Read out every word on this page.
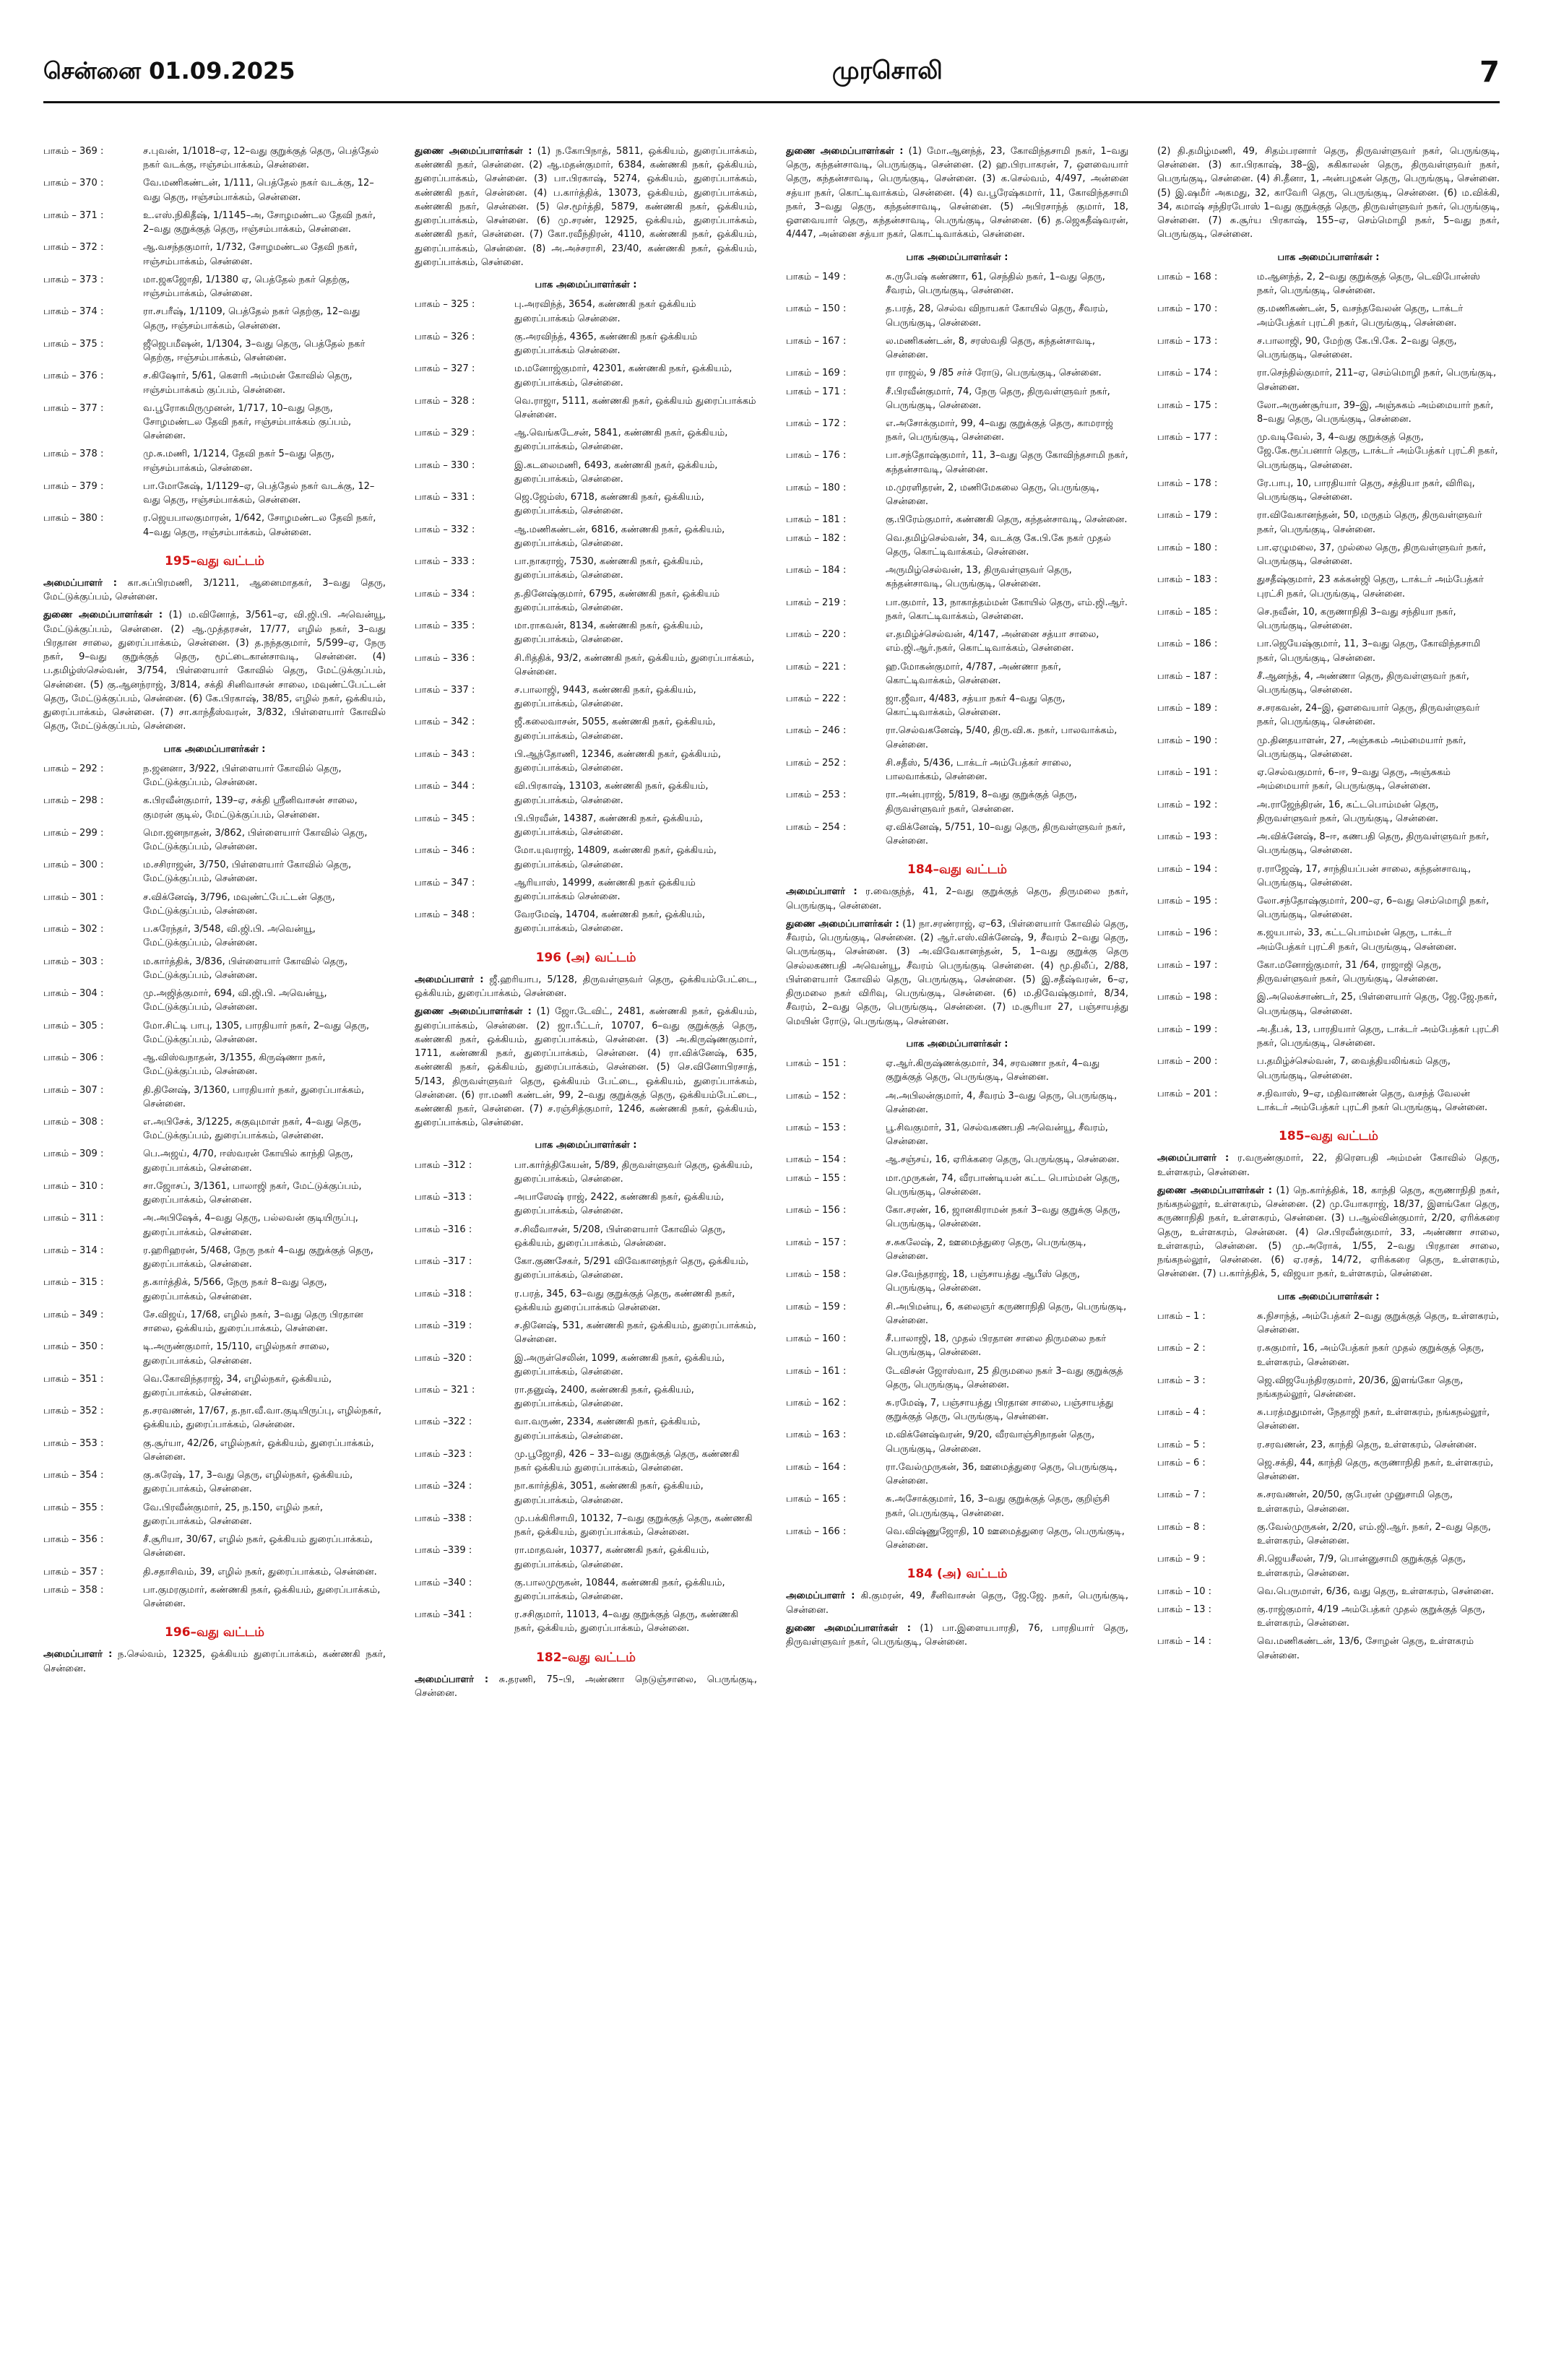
சென்னை 01.09.2025	முரசொலி	7
பாகம் – 369 :	ச.புவன், 1/1018–ஏ, 12–வது குறுக்குத் தெரு, பெத்தேல் நகர் வடக்கு, ஈஞ்சம்பாக்கம், சென்னை.
பாகம் – 370 :	வே.மணிகண்டன், 1/111, பெத்தேல் நகர் வடக்கு, 12– வது தெரு, ஈஞ்சம்பாக்கம், சென்னை.
பாகம் – 371 :	உ.எஸ்.நிகிதீஷ், 1/1145–அ, சோழமண்டல தேவி நகர், 2–வது குறுக்குத் தெரு, ஈஞ்சம்பாக்கம், சென்னை.
பாகம் – 372 :	ஆ.வசந்தகுமார், 1/732, சோழமண்டல தேவி நகர், ஈஞ்சம்பாக்கம், சென்னை.
பாகம் – 373 :	மா.ஜகஜோதி, 1/1380 ஏ, பெத்தேல் நகர் தெற்கு, ஈஞ்சம்பாக்கம், சென்னை.
பாகம் – 374 :	ரா.சபரீஷ், 1/1109, பெத்தேல் நகர் தெற்கு, 12–வது தெரு, ஈஞ்சம்பாக்கம், சென்னை.
பாகம் – 375 :	ஜீஜெபமீஷன், 1/1304, 3–வது தெரு, பெத்தேல் நகர் தெற்கு, ஈஞ்சம்பாக்கம், சென்னை.
பாகம் – 376 :	ச.கிஷோர், 5/61, கௌரி அம்மன் கோவில் தெரு, ஈஞ்சம்பாக்கம் குப்பம், சென்னை.
பாகம் – 377 :	வ.பூரோகமிருமுனன், 1/717, 10–வது தெரு, சோழமண்டல தேவி நகர், ஈஞ்சம்பாக்கம் குப்பம், சென்னை.
பாகம் – 378 :	மு.சு.மணி, 1/1214, தேவி நகர் 5–வது தெரு, ஈஞ்சம்பாக்கம், சென்னை.
பாகம் – 379 :	பா.மோகேஷ், 1/1129–ஏ, பெத்தேல் நகர் வடக்கு, 12–வது தெரு, ஈஞ்சம்பாக்கம், சென்னை.
பாகம் – 380 :	ர.ஜெயபாலகுமாரன், 1/642, சோழமண்டல தேவி நகர், 4–வது தெரு, ஈஞ்சம்பாக்கம், சென்னை.
195–வது வட்டம்
அமைப்பாளர் : கா.சுப்பிரமணி, 3/1211, ஆனைமாதகர், 3–வது தெரு, மேட்டுக்குப்பம், சென்னை.
துணை அமைப்பாளர்கள் : (1) ம.வினோத், 3/561–ஏ, வி.ஜி.பி. அவென்யூ, மேட்டுக்குப்பம், சென்னை. (2) ஆ.முத்தரசன், 17/77, எழில் நகர், 3–வது பிரதான சாலை, துரைப்பாக்கம், சென்னை. (3) த.நந்தகுமார், 5/599–ஏ, நேரு நகர், 9–வது குறுக்குத் தெரு, மூட்டைகான்சாவடி, சென்னை. (4) ப.தமிழ்ஸ்செல்வன், 3/754, பிள்ளையார் கோவில் தெரு, மேட்டுக்குப்பம், சென்னை. (5) கு.ஆனந்ராஜ், 3/814, சக்தி சினிவாசன் சாலை, மவுண்ட்பேட்டன் தெரு, மேட்டுக்குப்பம், சென்னை. (6) கே.பிரகாஷ், 38/85, எழில் நகர், ஒக்கியம், துரைப்பாக்கம், சென்னை. (7) சா.காந்தீஸ்வரன், 3/832, பிள்ளையார் கோவில் தெரு, மேட்டுக்குப்பம், சென்னை.
பாக அமைப்பாளர்கள் :
பாகம் – 292 :	ந.ஜனனா, 3/922, பிள்ளையார் கோவில் தெரு, மேட்டுக்குப்பம், சென்னை.
பாகம் – 298 :	க.பிரவீன்குமார், 139–ஏ, சக்தி ஸ்ரீனிவாசன் சாலை, குமரன் குடில், மேட்டுக்குப்பம், சென்னை.
பாகம் – 299 :	மொ.ஜனநாதன், 3/862, பிள்ளையார் கோவில் தெரு, மேட்டுக்குப்பம், சென்னை.
பாகம் – 300 :	ம.சசிராஜன், 3/750, பிள்ளையார் கோவில் தெரு, மேட்டுக்குப்பம், சென்னை.
பாகம் – 301 :	ச.விக்னேஷ், 3/796, மவுண்ட்பேட்டன் தெரு, மேட்டுக்குப்பம், சென்னை.
பாகம் – 302 :	ப.சுரேந்தர், 3/548, வி.ஜி.பி. அவென்யூ, மேட்டுக்குப்பம், சென்னை.
பாகம் – 303 :	ம.கார்த்திக், 3/836, பிள்ளையார் கோவில் தெரு, மேட்டுக்குப்பம், சென்னை.
பாகம் – 304 :	மு.அஜித்குமார், 694, வி.ஜி.பி. அவென்யூ, மேட்டுக்குப்பம், சென்னை.
பாகம் – 305 :	மோ.சிட்டி பாபு, 1305, பாரதியார் நகர், 2–வது தெரு, மேட்டுக்குப்பம், சென்னை.
பாகம் – 306 :	ஆ.விஸ்வநாதன், 3/1355, கிருஷ்ணா நகர், மேட்டுக்குப்பம், சென்னை.
பாகம் – 307 :	தி.தினேஷ், 3/1360, பாரதியார் நகர், துரைப்பாக்கம், சென்னை.
பாகம் – 308 :	எ.அபிசேக், 3/1225, சுகுவுமாள் நகர், 4–வது தெரு, மேட்டுக்குப்பம், துரைப்பாக்கம், சென்னை.
பாகம் – 309 :	பெ.அஜய், 4/70, ஈஸ்வரன் கோயில் காந்தி தெரு, துரைப்பாக்கம், சென்னை.
பாகம் – 310 :	சா.ஜோசப், 3/1361, பாலாஜி நகர், மேட்டுக்குப்பம், துரைப்பாக்கம், சென்னை.
பாகம் – 311 :	அ.அபிஷேக், 4–வது தெரு, பல்லவன் குடியிருப்பு, துரைப்பாக்கம், சென்னை.
பாகம் – 314 :	ர.ஹரிஹரன், 5/468, நேரு நகர் 4–வது குறுக்குத் தெரு, துரைப்பாக்கம், சென்னை.
பாகம் – 315 :	த.கார்த்திக், 5/566, நேரு நகர் 8–வது தெரு, துரைப்பாக்கம், சென்னை.
பாகம் – 349 :	சே.விஜய், 17/68, எழில் நகர், 3–வது தெரு பிரதான சாலை, ஒக்கியம், துரைப்பாக்கம், சென்னை.
பாகம் – 350 :	டி.அருண்குமார், 15/110, எழில்நகர் சாலை, துரைப்பாக்கம், சென்னை.
பாகம் – 351 :	வெ.கோவிந்தராஜ், 34, எழில்நகர், ஒக்கியம், துரைப்பாக்கம், சென்னை.
பாகம் – 352 :	த.சரவணன், 17/67, த.நா.வீ.வா.குடியிருப்பு, எழில்நகர், ஒக்கியம், துரைப்பாக்கம், சென்னை.
பாகம் – 353 :	கு.சூர்யா, 42/26, எழில்நகர், ஒக்கியம், துரைப்பாக்கம், சென்னை.
பாகம் – 354 :	கு.சுரேஷ், 17, 3–வது தெரு, எழில்நகர், ஒக்கியம், துரைப்பாக்கம், சென்னை.
பாகம் – 355 :	வே.பிரவீன்குமார், 25, ந.150, எழில் நகர், துரைப்பாக்கம், சென்னை.
பாகம் – 356 :	சீ.சூரியா, 30/67, எழில் நகர், ஒக்கியம் துரைப்பாக்கம், சென்னை.
பாகம் – 357 :	தி.சதாசிவம், 39, எழில் நகர், துரைப்பாக்கம், சென்னை.
பாகம் – 358 :	பா.குமரகுமார், கண்ணகி நகர், ஒக்கியம், துரைப்பாக்கம், சென்னை.
196–வது வட்டம்
அமைப்பாளர் : ந.செல்வம், 12325, ஒக்கியம் துரைப்பாக்கம், கண்ணகி நகர், சென்னை.
துணை அமைப்பாளர்கள் : (1) ந.கோபிநாத், 5811, ஒக்கியம், துரைப்பாக்கம், கண்ணகி நகர், சென்னை. (2) ஆ.மதன்குமார், 6384, கண்ணகி நகர், ஒக்கியம், துரைப்பாக்கம், சென்னை. (3) பா.பிரகாஷ், 5274, ஒக்கியம், துரைப்பாக்கம், கண்ணகி நகர், சென்னை. (4) ப.கார்த்திக், 13073, ஒக்கியம், துரைப்பாக்கம், கண்ணகி நகர், சென்னை. (5) செ.மூர்த்தி, 5879, கண்ணகி நகர், ஒக்கியம், துரைப்பாக்கம், சென்னை. (6) மு.சரண், 12925, ஒக்கியம், துரைப்பாக்கம், கண்ணகி நகர், சென்னை. (7) கோ.ரவீந்திரன், 4110, கண்ணகி நகர், ஒக்கியம், துரைப்பாக்கம், சென்னை. (8) அ.அச்சராசி, 23/40, கண்ணகி நகர், ஒக்கியம், துரைப்பாக்கம், சென்னை.
பாக அமைப்பாளர்கள் :
பாகம் – 325 :	பு.அரவிந்த், 3654, கண்ணகி நகர் ஒக்கியம் துரைப்பாக்கம் சென்னை.
பாகம் – 326 :	கு.அரவிந்த், 4365, கண்ணகி நகர் ஒக்கியம் துரைப்பாக்கம் சென்னை.
பாகம் – 327 :	ம.மனோஜ்குமார், 42301, கண்ணகி நகர், ஒக்கியம், துரைப்பாக்கம், சென்னை.
பாகம் – 328 :	வெ.ராஜா, 5111, கண்ணகி நகர், ஒக்கியம் துரைப்பாக்கம் சென்னை.
பாகம் – 329 :	ஆ.வெங்கடேசன், 5841, கண்ணகி நகர், ஒக்கியம், துரைப்பாக்கம், சென்னை.
பாகம் – 330 :	இ.கடலைமணி, 6493, கண்ணகி நகர், ஒக்கியம், துரைப்பாக்கம், சென்னை.
பாகம் – 331 :	ஜெ.ஜேம்ஸ், 6718, கண்ணகி நகர், ஒக்கியம், துரைப்பாக்கம், சென்னை.
பாகம் – 332 :	ஆ.மணிகண்டன், 6816, கண்ணகி நகர், ஒக்கியம், துரைப்பாக்கம், சென்னை.
பாகம் – 333 :	பா.நாகராஜ், 7530, கண்ணகி நகர், ஒக்கியம், துரைப்பாக்கம், சென்னை.
பாகம் – 334 :	த.தினேஷ்குமார், 6795, கண்ணகி நகர், ஒக்கியம் துரைப்பாக்கம், சென்னை.
பாகம் – 335 :	மா.ராகவன், 8134, கண்ணகி நகர், ஒக்கியம், துரைப்பாக்கம், சென்னை.
பாகம் – 336 :	சி.ரித்திக், 93/2, கண்ணகி நகர், ஒக்கியம், துரைப்பாக்கம், சென்னை.
பாகம் – 337 :	ச.பாலாஜி, 9443, கண்ணகி நகர், ஒக்கியம், துரைப்பாக்கம், சென்னை.
பாகம் – 342 :	ஜீ.கலைவாசன், 5055, கண்ணகி நகர், ஒக்கியம், துரைப்பாக்கம், சென்னை.
பாகம் – 343 :	பி.ஆந்தோணி, 12346, கண்ணகி நகர், ஒக்கியம், துரைப்பாக்கம், சென்னை.
பாகம் – 344 :	வி.பிரகாஷ், 13103, கண்ணகி நகர், ஒக்கியம், துரைப்பாக்கம், சென்னை.
பாகம் – 345 :	பி.பிரவீன், 14387, கண்ணகி நகர், ஒக்கியம், துரைப்பாக்கம், சென்னை.
பாகம் – 346 :	மோ.யுவராஜ், 14809, கண்ணகி நகர், ஒக்கியம், துரைப்பாக்கம், சென்னை.
பாகம் – 347 :	ஆரியாஸ், 14999, கண்ணகி நகர் ஒக்கியம் துரைப்பாக்கம் சென்னை.
பாகம் – 348 :	வேரமேஷ், 14704, கண்ணகி நகர், ஒக்கியம், துரைப்பாக்கம், சென்னை.
196 (அ) வட்டம்
அமைப்பாளர் : ஜீ.ஹரியாப, 5/128, திருவள்ளுவர் தெரு, ஒக்கியம்பேட்டை, ஒக்கியம், துரைப்பாக்கம், சென்னை.
துணை அமைப்பாளர்கள் : (1) ஜோ.டேவிட், 2481, கண்ணகி நகர், ஒக்கியம், துரைப்பாக்கம், சென்னை. (2) ஜா.பீட்டர், 10707, 6–வது குறுக்குத் தெரு, கண்ணகி நகர், ஒக்கியம், துரைப்பாக்கம், சென்னை. (3) அ.கிருஷ்ணகுமார், 1711, கண்ணகி நகர், துரைப்பாக்கம், சென்னை. (4) ரா.விக்னேஷ், 635, கண்ணகி நகர், ஒக்கியம், துரைப்பாக்கம், சென்னை. (5) செ.வினோபிரசாத், 5/143, திருவள்ளுவர் தெரு, ஒக்கியம் பேட்டை, ஒக்கியம், துரைப்பாக்கம், சென்னை. (6) ரா.மணி கண்டன், 99, 2–வது குறுக்குத் தெரு, ஒக்கியம்பேட்டை, கண்ணகி நகர், சென்னை. (7) ச.ரஞ்சித்குமார், 1246, கண்ணகி நகர், ஒக்கியம், துரைப்பாக்கம், சென்னை.
பாக அமைப்பாளர்கள் :
பாகம் –312 :	பா.கார்த்திகேயன், 5/89, திருவள்ளுவர் தெரு, ஒக்கியம், துரைப்பாக்கம், சென்னை.
பாகம் –313 :	அபாஸேஷ் ராஜ், 2422, கண்ணகி நகர், ஒக்கியம், துரைப்பாக்கம், சென்னை.
பாகம் –316 :	ச.சிவீவாசன், 5/208, பிள்ளையார் கோவில் தெரு, ஒக்கியம், துரைப்பாக்கம், சென்னை.
பாகம் –317 :	கோ.குணசேகர், 5/291 விவேகானந்தர் தெரு, ஒக்கியம், துரைப்பாக்கம், சென்னை.
பாகம் –318 :	ர.பரத், 345, 63–வது குறுக்குத் தெரு, கண்ணகி நகர், ஒக்கியம் துரைப்பாக்கம் சென்னை.
பாகம் –319 :	ச.தினேஷ், 531, கண்ணகி நகர், ஒக்கியம், துரைப்பாக்கம், சென்னை.
பாகம் –320 :	இ.அருள்செலின், 1099, கண்ணகி நகர், ஒக்கியம், துரைப்பாக்கம், சென்னை.
பாகம் – 321 :	ரா.தனுஷ், 2400, கண்ணகி நகர், ஒக்கியம், துரைப்பாக்கம், சென்னை.
பாகம் –322 :	வா.வருண், 2334, கண்ணகி நகர், ஒக்கியம், துரைப்பாக்கம், சென்னை.
பாகம் –323 :	மு.பூஜோதி, 426 – 33–வது குறுக்குத் தெரு, கண்ணகி நகர் ஒக்கியம் துரைப்பாக்கம், சென்னை.
பாகம் –324 :	நா.கார்த்திக், 3051, கண்ணகி நகர், ஒக்கியம், துரைப்பாக்கம், சென்னை.
பாகம் –338 :	மு.பக்கிரிசாமி, 10132, 7–வது குறுக்குத் தெரு, கண்ணகி நகர், ஒக்கியம், துரைப்பாக்கம், சென்னை.
பாகம் –339 :	ரா.மாதவன், 10377, கண்ணகி நகர், ஒக்கியம், துரைப்பாக்கம், சென்னை.
பாகம் –340 :	கு.பாலமுருகன், 10844, கண்ணகி நகர், ஒக்கியம், துரைப்பாக்கம், சென்னை.
பாகம் –341 :	ர.சசிகுமார், 11013, 4–வது குறுக்குத் தெரு, கண்ணகி நகர், ஒக்கியம், துரைப்பாக்கம், சென்னை.
182–வது வட்டம்
அமைப்பாளர் : சு.தரணி, 75–பி, அண்ணா நெடுஞ்சாலை, பெருங்குடி, சென்னை.
துணை அமைப்பாளர்கள் : (1) மோ.ஆனந்த், 23, கோவிந்தசாமி நகர், 1–வது தெரு, கந்தன்சாவடி, பெருங்குடி, சென்னை. (2) ஹ.பிரபாகரன், 7, ஔவையார் தெரு, கந்தன்சாவடி, பெருங்குடி, சென்னை. (3) க.செல்வம், 4/497, அன்னை சத்யா நகர், கொட்டிவாக்கம், சென்னை. (4) வ.பூரேஷ்கமார், 11, கோவிந்தசாமி நகர், 3–வது தெரு, கந்தன்சாவடி, சென்னை. (5) அபிரசாந்த் குமார், 18, ஔவையார் தெரு, கந்தன்சாவடி, பெருங்குடி, சென்னை. (6) த.ஜெகதீஷ்வரன், 4/447, அன்னை சத்யா நகர், கொட்டிவாக்கம், சென்னை.
பாக அமைப்பாளர்கள் :
பாகம் – 149 :	சு.ருபேஷ் கண்ணா, 61, செந்தில் நகர், 1–வது தெரு, சீவரம், பெருங்குடி, சென்னை.
பாகம் – 150 :	த.பரத், 28, செல்வ விநாயகர் கோயில் தெரு, சீவரம், பெருங்குடி, சென்னை.
பாகம் – 167 :	ல.மணிகண்டன், 8, சரஸ்வதி தெரு, கந்தன்சாவடி, சென்னை.
பாகம் – 169 :	ரா ராஜல், 9 /85 சர்ச் ரோடு, பெருங்குடி, சென்னை.
பாகம் – 171 :	சீ.பிரவீன்குமார், 74, நேரு தெரு, திருவள்ளுவர் நகர், பெருங்குடி, சென்னை.
பாகம் – 172 :	எ.அசோக்குமார், 99, 4–வது குறுக்குத் தெரு, காமராஜ் நகர், பெருங்குடி, சென்னை.
பாகம் – 176 :	பா.சந்தோஷ்குமார், 11, 3–வது தெரு கோவிந்தசாமி நகர், கந்தன்சாவடி, சென்னை.
பாகம் – 180 :	ம.முரளிதரன், 2, மணிமேகலை தெரு, பெருங்குடி, சென்னை.
பாகம் – 181 :	கு.பிரேம்குமார், கண்ணகி தெரு, கந்தன்சாவடி, சென்னை.
பாகம் – 182 :	வெ.தமிழ்செல்வன், 34, வடக்கு கே.பி.கே நகர் முதல் தெரு, கொட்டிவாக்கம், சென்னை.
பாகம் – 184 :	அருமிழ்செல்வன், 13, திருவள்ளுவர் தெரு, கந்தன்சாவடி, பெருங்குடி, சென்னை.
பாகம் – 219 :	பா.குமார், 13, நாகாத்தம்மன் கோயில் தெரு, எம்.ஜி.ஆர். நகர், கொட்டிவாக்கம், சென்னை.
பாகம் – 220 :	எ.தமிழ்ச்செல்வன், 4/147, அன்னை சத்யா சாலை, எம்.ஜி.ஆர்.நகர், கொட்டிவாக்கம், சென்னை.
பாகம் – 221 :	ஹ.மோகன்குமார், 4/787, அண்ணா நகர், கொட்டிவாக்கம், சென்னை.
பாகம் – 222 :	ஜா.ஜீவா, 4/483, சத்யா நகர் 4–வது தெரு, கொட்டிவாக்கம், சென்னை.
பாகம் – 246 :	ரா.செல்வகனேஷ், 5/40, திரு.வி.க. நகர், பாலவாக்கம், சென்னை.
பாகம் – 252 :	சி.சதீஸ், 5/436, டாக்டர் அம்பேத்கர் சாலை, பாலவாக்கம், சென்னை.
பாகம் – 253 :	ரா.அன்புராஜ், 5/819, 8–வது குறுக்குத் தெரு, திருவள்ளுவர் நகர், சென்னை.
பாகம் – 254 :	ஏ.விக்னேஷ், 5/751, 10–வது தெரு, திருவள்ளுவர் நகர், சென்னை.
184–வது வட்டம்
அமைப்பாளர் : ர.வைகுந்த், 41, 2–வது குறுக்குத் தெரு, திருமலை நகர், பெருங்குடி, சென்னை.
துணை அமைப்பாளர்கள் : (1) நா.சரண்ராஜ், ஏ–63, பிள்ளையார் கோவில் தெரு, சீவரம், பெருங்குடி, சென்னை. (2) ஆர்.எஸ்.விக்னேஷ், 9, சீவரம் 2–வது தெரு, பெருங்குடி, சென்னை. (3) அ.விவேகானந்தன், 5, 1–வது குறுக்கு தெரு செல்லகணபதி அவென்யூ, சீவரம் பெருங்குடி சென்னை. (4) மூ.திலீப், 2/88, பிள்ளையார் கோவில் தெரு, பெருங்குடி, சென்னை. (5) இ.சதீஷ்வரன், 6–ஏ, திருமலை நகர் விரிவு, பெருங்குடி, சென்னை. (6) ம.திவேஷ்குமார், 8/34, சீவரம், 2–வது தெரு, பெருங்குடி, சென்னை. (7) ம.சூரியா 27, பஞ்சாயத்து மெயின் ரோடு, பெருங்குடி, சென்னை.
பாக அமைப்பாளர்கள் :
பாகம் – 151 :	ஏ.ஆர்.கிருஷ்ணக்குமார், 34, சரவணா நகர், 4–வது குறுக்குத் தெரு, பெருங்குடி, சென்னை.
பாகம் – 152 :	அ.அபிலன்குமார், 4, சீவரம் 3–வது தெரு, பெருங்குடி, சென்னை.
பாகம் – 153 :	பூ.சிவகுமார், 31, செல்வகணபதி அவென்யூ, சீவரம், சென்னை.
பாகம் – 154 :	ஆ.சஞ்சய், 16, ஏரிக்கரை தெரு, பெருங்குடி, சென்னை.
பாகம் – 155 :	மா.முருகன், 74, வீரபாண்டியன் கட்ட பொம்மன் தெரு, பெருங்குடி, சென்னை.
பாகம் – 156 :	கோ.சரண், 16, ஜானகிராமன் நகர் 3–வது குறுக்கு தெரு, பெருங்குடி, சென்னை.
பாகம் – 157 :	ச.சுகலேஷ், 2, ஊமைத்துரை தெரு, பெருங்குடி, சென்னை.
பாகம் – 158 :	செ.வேந்தராஜ், 18, பஞ்சாயத்து ஆபீஸ் தெரு, பெருங்குடி, சென்னை.
பாகம் – 159 :	சி.அபிமன்யு, 6, கலைஞர் கருணாநிதி தெரு, பெருங்குடி, சென்னை.
பாகம் – 160 :	சீ.பாலாஜி, 18, முதல் பிரதான சாலை திருமலை நகர் பெருங்குடி, சென்னை.
பாகம் – 161 :	டேவிசன் ஜோஸ்வா, 25 திருமலை நகர் 3–வது குறுக்குத் தெரு, பெருங்குடி, சென்னை.
பாகம் – 162 :	சு.ரமேஷ், 7, பஞ்சாயத்து பிரதான சாலை, பஞ்சாயத்து குறுக்குத் தெரு, பெருங்குடி, சென்னை.
பாகம் – 163 :	ம.விக்னேஷ்வரன், 9/20, வீரவாஞ்சிநாதன் தெரு, பெருங்குடி, சென்னை.
பாகம் – 164 :	ரா.வேல்முருகன், 36, ஊமைத்துரை தெரு, பெருங்குடி, சென்னை.
பாகம் – 165 :	சு.அசோக்குமார், 16, 3–வது குறுக்குத் தெரு, குறிஞ்சி நகர், பெருங்குடி, சென்னை.
பாகம் – 166 :	வெ.விஷ்ணுஜோதி, 10 ஊமைத்துரை தெரு, பெருங்குடி, சென்னை.
184 (அ) வட்டம்
அமைப்பாளர் : கி.குமரன், 49, சீனிவாசன் தெரு, ஜே.ஜே. நகர், பெருங்குடி, சென்னை.
துணை அமைப்பாளர்கள் : (1) பா.இளையபாரதி, 76, பாரதியார் தெரு, திருவள்ளுவர் நகர், பெருங்குடி, சென்னை.
(2) தி.தமிழ்மணி, 49, சிதம்பரனார் தெரு, திருவள்ளுவர் நகர், பெருங்குடி, சென்னை. (3) கா.பிரகாஷ், 38–இ, சுகிகாலன் தெரு, திருவள்ளுவர் நகர், பெருங்குடி, சென்னை. (4) சி.தீனா, 1, அன்பழகன் தெரு, பெருங்குடி, சென்னை. (5) இ.ஷமீர் அகமது, 32, காவேரி தெரு, பெருங்குடி, சென்னை. (6) ம.விக்கி, 34, கமாஷ் சந்திரபோஸ் 1–வது குறுக்குத் தெரு, திருவள்ளுவர் நகர், பெருங்குடி, சென்னை. (7) சு.சூர்ய பிரகாஷ், 155–ஏ, செம்மொழி நகர், 5–வது நகர், பெருங்குடி, சென்னை.
பாக அமைப்பாளர்கள் :
பாகம் – 168 :	ம.ஆனந்த், 2, 2–வது குறுக்குத் தெரு, டெவிபோன்ஸ் நகர், பெருங்குடி, சென்னை.
பாகம் – 170 :	கு.மணிகண்டன், 5, வசந்தவேலன் தெரு, டாக்டர் அம்பேத்கர் புரட்சி நகர், பெருங்குடி, சென்னை.
பாகம் – 173 :	ச.பாலாஜி, 90, மேற்கு கே.பி.கே. 2–வது தெரு, பெருங்குடி, சென்னை.
பாகம் – 174 :	ரா.செந்தில்குமார், 211–ஏ, செம்மொழி நகர், பெருங்குடி, சென்னை.
பாகம் – 175 :	லோ.அருண்சூர்யா, 39–இ, அஞ்சுகம் அம்மையார் நகர், 8–வது தெரு, பெருங்குடி, சென்னை.
பாகம் – 177 :	மு.வடிவேல், 3, 4–வது குறுக்குத் தெரு, ஜே.கே.ரூப்பனார் தெரு, டாக்டர் அம்பேத்கர் புரட்சி நகர், பெருங்குடி, சென்னை.
பாகம் – 178 :	ரே.பாபு, 10, பாரதியார் தெரு, சத்தியா நகர், விரிவு, பெருங்குடி, சென்னை.
பாகம் – 179 :	ரா.விவேகானந்தன், 50, மருதம் தெரு, திருவள்ளுவர் நகர், பெருங்குடி, சென்னை.
பாகம் – 180 :	பா.ஏழுமலை, 37, முல்லை தெரு, திருவள்ளுவர் நகர், பெருங்குடி, சென்னை.
பாகம் – 183 :	துசதீஷ்குமார், 23 கக்கன்ஜி தெரு, டாக்டர் அம்பேத்கர் புரட்சி நகர், பெருங்குடி, சென்னை.
பாகம் – 185 :	செ.நவீன், 10, கருணாநிதி 3–வது சந்தியா நகர், பெருங்குடி, சென்னை.
பாகம் – 186 :	பா.ஜெயேஷ்குமார், 11, 3–வது தெரு, கோவிந்தசாமி நகர், பெருங்குடி, சென்னை.
பாகம் – 187 :	சீ.ஆனந்த், 4, அண்ணா தெரு, திருவள்ளுவர் நகர், பெருங்குடி, சென்னை.
பாகம் – 189 :	ச.சரகவன், 24–இ, ஔவையார் தெரு, திருவள்ளுவர் நகர், பெருங்குடி, சென்னை.
பாகம் – 190 :	மு.தினதயாளன், 27, அஞ்சுகம் அம்மையார் நகர், பெருங்குடி, சென்னை.
பாகம் – 191 :	ஏ.செல்வகுமார், 6–ஈ, 9–வது தெரு, அஞ்சுகம் அம்மையார் நகர், பெருங்குடி, சென்னை.
பாகம் – 192 :	அ.ராஜேந்திரன், 16, கட்டபொம்மன் தெரு, திருவள்ளுவர் நகர், பெருங்குடி, சென்னை.
பாகம் – 193 :	அ.விக்னேஷ், 8–ஈ, கணபதி தெரு, திருவள்ளுவர் நகர், பெருங்குடி, சென்னை.
பாகம் – 194 :	ர.ராஜேஷ், 17, சாந்தியப்பன் சாலை, கந்தன்சாவடி, பெருங்குடி, சென்னை.
பாகம் – 195 :	லோ.சந்தோஷ்குமார், 200–ஏ, 6–வது செம்மொழி நகர், பெருங்குடி, சென்னை.
பாகம் – 196 :	க.ஜயபால், 33, கட்டபொம்மன் தெரு, டாக்டர் அம்பேத்கர் புரட்சி நகர், பெருங்குடி, சென்னை.
பாகம் – 197 :	கோ.மனோஜ்குமார், 31 /64, ராஜாஜி தெரு, திருவள்ளுவர் நகர், பெருங்குடி, சென்னை.
பாகம் – 198 :	இ.அலெக்சாண்டர், 25, பிள்ளையார் தெரு, ஜே.ஜே.நகர், பெருங்குடி, சென்னை.
பாகம் – 199 :	அ.தீபக், 13, பாரதியார் தெரு, டாக்டர் அம்பேத்கர் புரட்சி நகர், பெருங்குடி, சென்னை.
பாகம் – 200 :	ப.தமிழ்ச்செல்வன், 7, வைத்தியலிங்கம் தெரு, பெருங்குடி, சென்னை.
பாகம் – 201 :	ச.நிவாஸ், 9–ஏ, மதிவாணன் தெரு, வசந்த் வேலன் டாக்டர் அம்பேத்கர் புரட்சி நகர் பெருங்குடி, சென்னை.
185–வது வட்டம்
அமைப்பாளர் : ர.வருண்குமார், 22, திரௌபதி அம்மன் கோவில் தெரு, உள்ளகரம், சென்னை.
துணை அமைப்பாளர்கள் : (1) நெ.கார்த்திக், 18, காந்தி தெரு, கருணாநிதி நகர், நங்கநல்லூர், உள்ளகரம், சென்னை. (2) மு.யோகராஜ், 18/37, இளங்கோ தெரு, கருணாநிதி நகர், உள்ளகரம், சென்னை. (3) ப.ஆல்வின்குமார், 2/20, ஏரிக்கரை தெரு, உள்ளகரம், சென்னை. (4) செ.பிரவீன்குமார், 33, அண்ணா சாலை, உள்ளகரம், சென்னை. (5) மு.அரோக், 1/55, 2–வது பிரதான சாலை, நங்கநல்லூர், சென்னை. (6) ஏ.ரசத், 14/72, ஏரிக்கரை தெரு, உள்ளகரம், சென்னை. (7) ப.கார்த்திக், 5, விஜயா நகர், உள்ளகரம், சென்னை.
பாக அமைப்பாளர்கள் :
பாகம் – 1 :	சு.நிசாந்த், அம்பேத்கர் 2–வது குறுக்குத் தெரு, உள்ளகரம், சென்னை.
பாகம் – 2 :	ர.சுகுமார், 16, அம்பேத்கர் நகர் முதல் குறுக்குத் தெரு, உள்ளகரம், சென்னை.
பாகம் – 3 :	ஜெ.விஜயேந்திரகுமார், 20/36, இளங்கோ தெரு, நங்கநல்லூர், சென்னை.
பாகம் – 4 :	சு.பரத்மதுமான், நேதாஜி நகர், உள்ளகரம், நங்கநல்லூர், சென்னை.
பாகம் – 5 :	ர.சரவணன், 23, காந்தி தெரு, உள்ளகரம், சென்னை.
பாகம் – 6 :	ஜெ.சக்தி, 44, காந்தி தெரு, கருணாநிதி நகர், உள்ளகரம், சென்னை.
பாகம் – 7 :	சு.சரவணன், 20/50, குபேரன் முனுசாமி தெரு, உள்ளகரம், சென்னை.
பாகம் – 8 :	கு.வேல்முருகன், 2/20, எம்.ஜி.ஆர். நகர், 2–வது தெரு, உள்ளகரம், சென்னை.
பாகம் – 9 :	சி.ஜெயசீலன், 7/9, பொன்னுசாமி குறுக்குத் தெரு, உள்ளகரம், சென்னை.
பாகம் – 10 :	வெ.பெருமாள், 6/36, வது தெரு, உள்ளகரம், சென்னை.
பாகம் – 13 :	கு.ராஜ்குமார், 4/19 அம்பேத்கர் முதல் குறுக்குத் தெரு, உள்ளகரம், சென்னை.
பாகம் – 14 :	வெ.மணிகண்டன், 13/6, சோழன் தெரு, உள்ளகரம் சென்னை.
